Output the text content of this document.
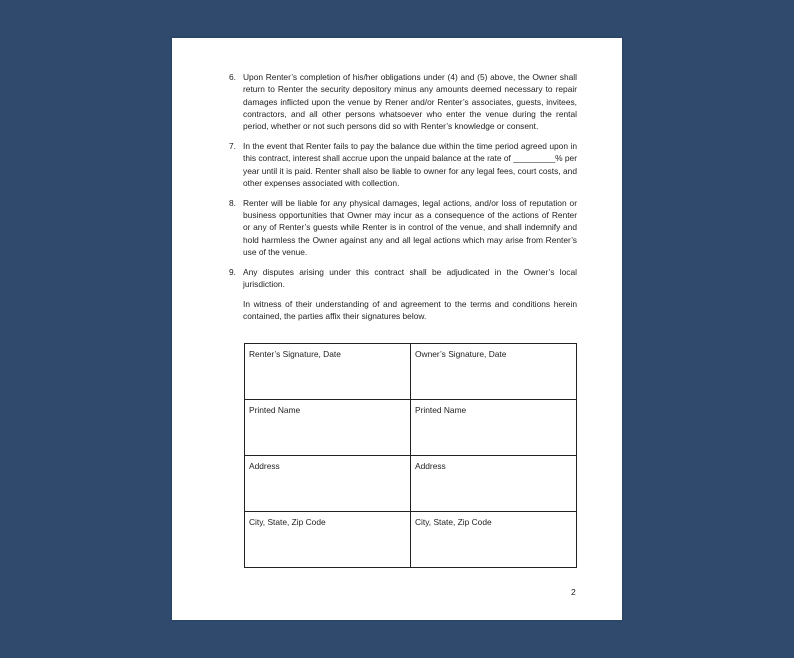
6. Upon Renter’s completion of his/her obligations under (4) and (5) above, the Owner shall return to Renter the security depository minus any amounts deemed necessary to repair damages inflicted upon the venue by Rener and/or Renter’s associates, guests, invitees, contractors, and all other persons whatsoever who enter the venue during the rental period, whether or not such persons did so with Renter’s knowledge or consent.
7. In the event that Renter fails to pay the balance due within the time period agreed upon in this contract, interest shall accrue upon the unpaid balance at the rate of _________% per year until it is paid. Renter shall also be liable to owner for any legal fees, court costs, and other expenses associated with collection.
8. Renter will be liable for any physical damages, legal actions, and/or loss of reputation or business opportunities that Owner may incur as a consequence of the actions of Renter or any of Renter’s guests while Renter is in control of the venue, and shall indemnify and hold harmless the Owner against any and all legal actions which may arise from Renter’s use of the venue.
9. Any disputes arising under this contract shall be adjudicated in the Owner’s local jurisdiction.
In witness of their understanding of and agreement to the terms and conditions herein contained, the parties affix their signatures below.
Renter’s Signature, Date	Owner’s Signature, Date
Printed Name	Printed Name
Address	Address
City, State, Zip Code	City, State, Zip Code
2
